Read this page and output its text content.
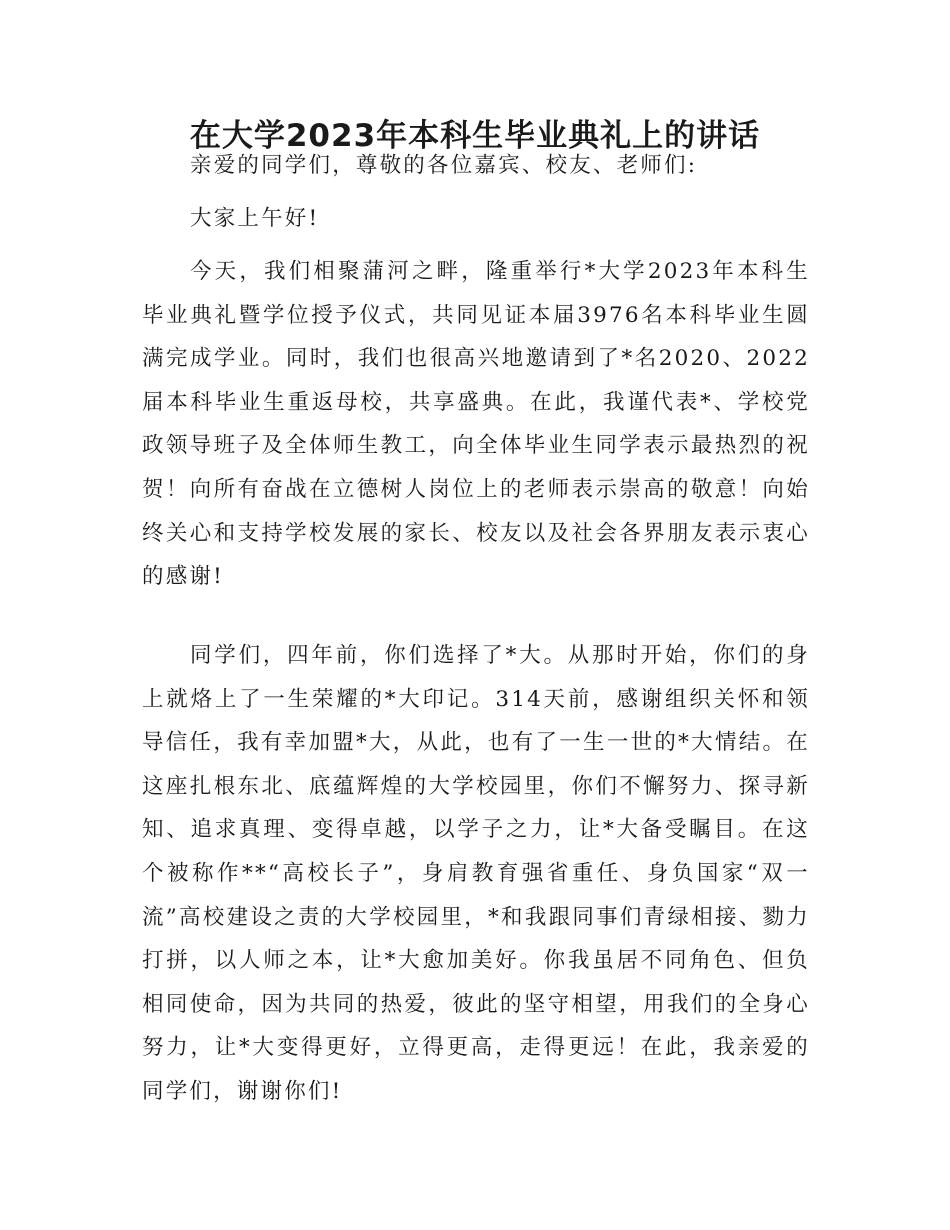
在大学2023年本科生毕业典礼上的讲话

亲爱的同学们，尊敬的各位嘉宾、校友、老师们:

大家上午好!

今天，我们相聚蒲河之畔，隆重举行*大学2023年本科生毕业典礼暨学位授予仪式，共同见证本届3976名本科毕业生圆满完成学业。同时，我们也很高兴地邀请到了*名2020、2022届本科毕业生重返母校，共享盛典。在此，我谨代表*、学校党政领导班子及全体师生教工，向全体毕业生同学表示最热烈的祝贺！向所有奋战在立德树人岗位上的老师表示崇高的敬意！向始终关心和支持学校发展的家长、校友以及社会各界朋友表示衷心的感谢!

同学们，四年前，你们选择了*大。从那时开始，你们的身上就烙上了一生荣耀的*大印记。314天前，感谢组织关怀和领导信任，我有幸加盟*大，从此，也有了一生一世的*大情结。在这座扎根东北、底蕴辉煌的大学校园里，你们不懈努力、探寻新知、追求真理、变得卓越，以学子之力，让*大备受瞩目。在这个被称作**“高校长子”，身肩教育强省重任、身负国家“双一流”高校建设之责的大学校园里，*和我跟同事们青绿相接、勠力打拼，以人师之本，让*大愈加美好。你我虽居不同角色、但负相同使命，因为共同的热爱，彼此的坚守相望，用我们的全身心努力，让*大变得更好，立得更高，走得更远！在此，我亲爱的同学们，谢谢你们!
